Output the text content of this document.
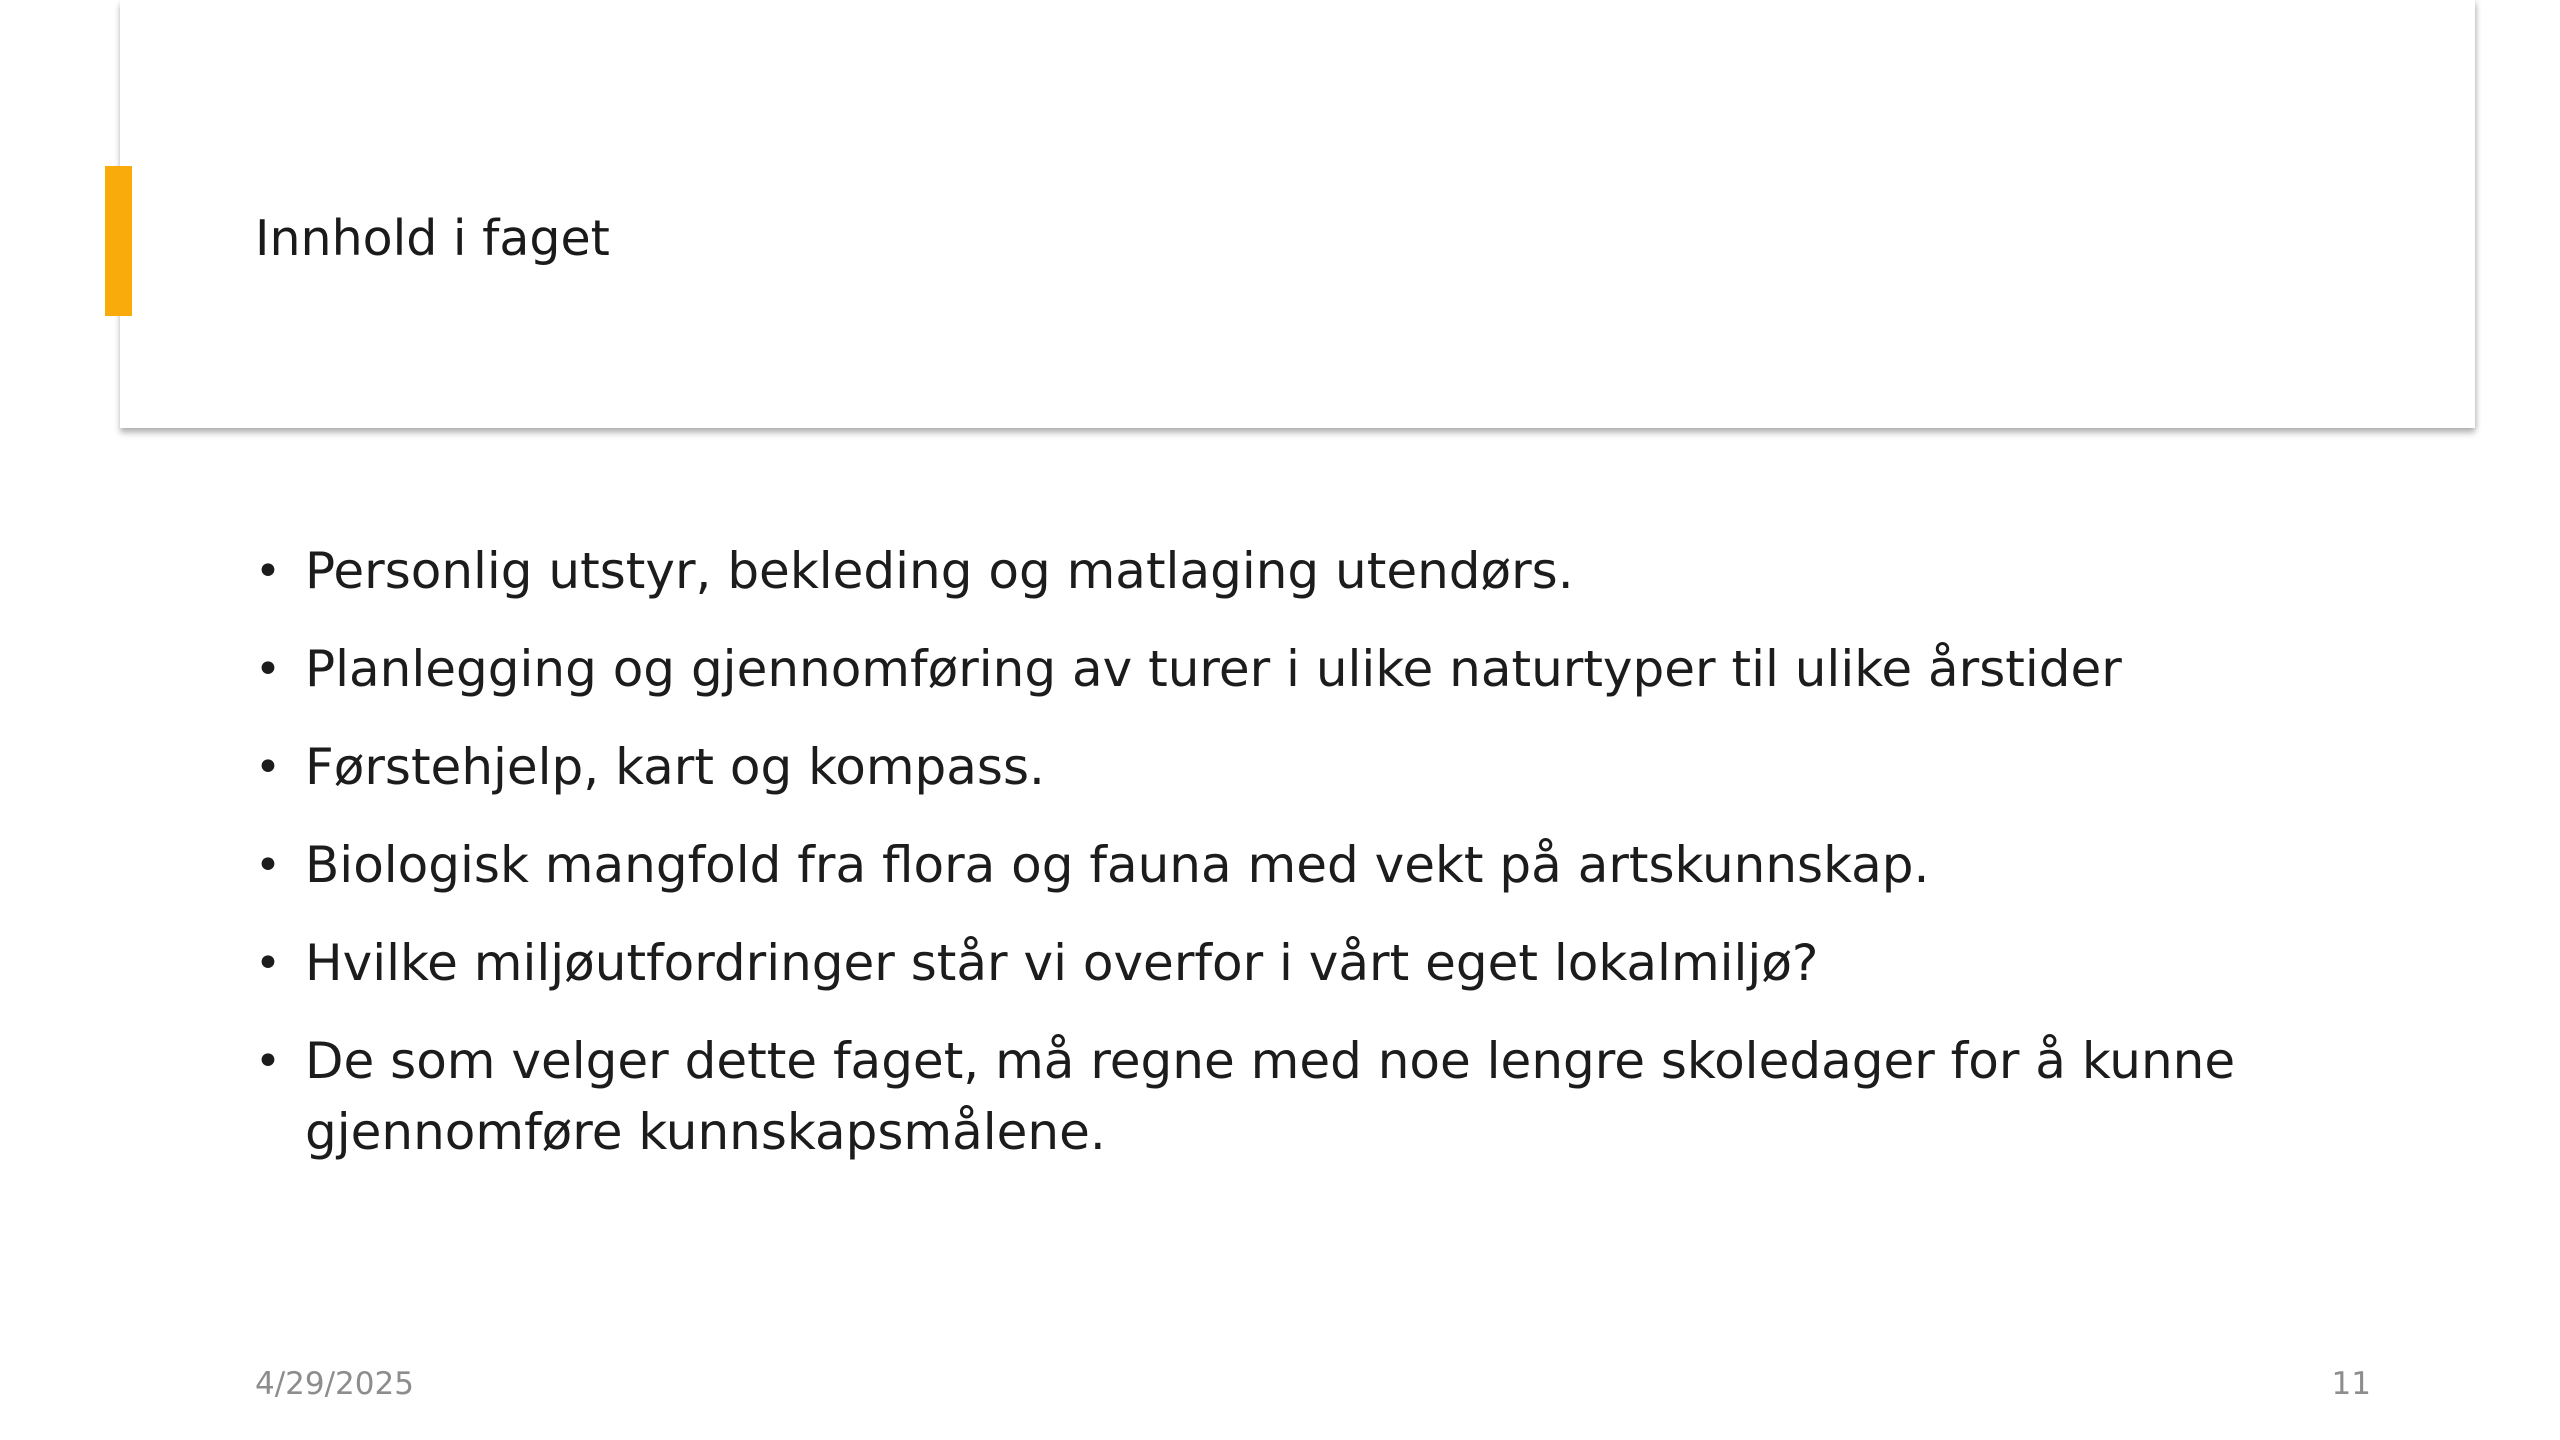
Innhold i faget
• Personlig utstyr, bekleding og matlaging utendørs.
• Planlegging og gjennomføring av turer i ulike naturtyper til ulike årstider
• Førstehjelp, kart og kompass.
• Biologisk mangfold fra flora og fauna med vekt på artskunnskap.
• Hvilke miljøutfordringer står vi overfor i vårt eget lokalmiljø?
• De som velger dette faget, må regne med noe lengre skoledager for å kunne gjennomføre kunnskapsmålene.
4/29/2025	11
